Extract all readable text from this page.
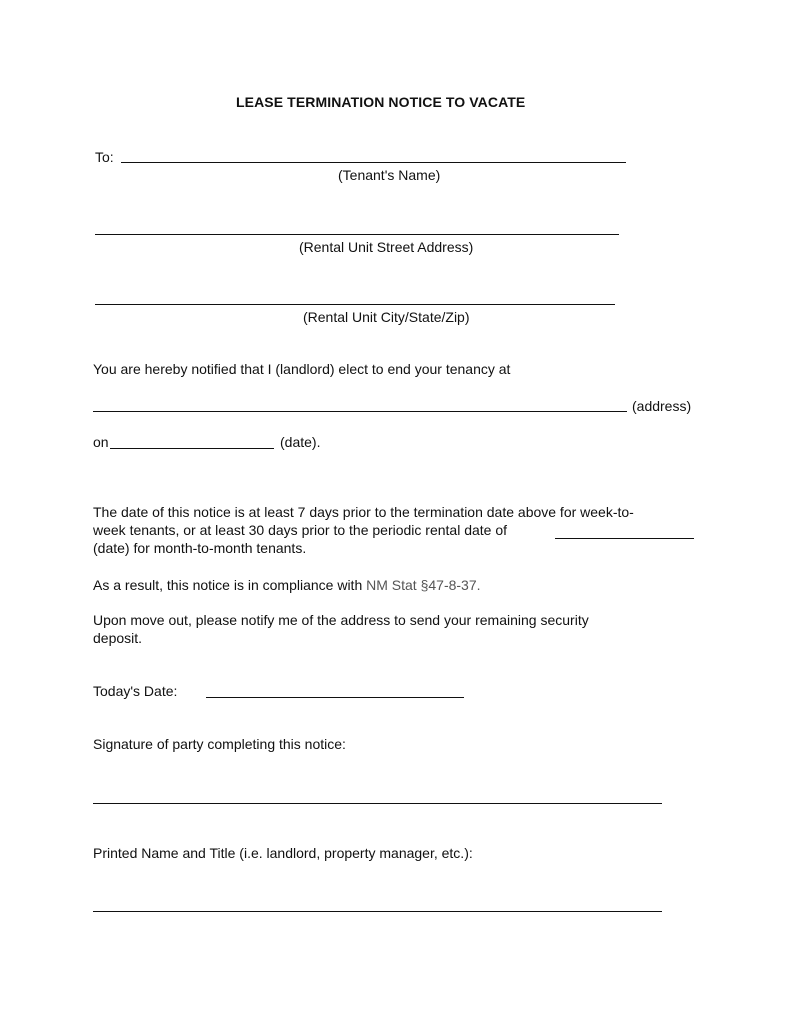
LEASE TERMINATION NOTICE TO VACATE
To:
(Tenant's Name)
(Rental Unit Street Address)
(Rental Unit City/State/Zip)
You are hereby notified that I (landlord) elect to end your tenancy at
(address)
on	(date).
The date of this notice is at least 7 days prior to the termination date above for week-to-
week tenants, or at least 30 days prior to the periodic rental date of
(date) for month-to-month tenants.
As a result, this notice is in compliance with NM Stat §47-8-37.
Upon move out, please notify me of the address to send your remaining security
deposit.
Today's Date:
Signature of party completing this notice:
Printed Name and Title (i.e. landlord, property manager, etc.):
